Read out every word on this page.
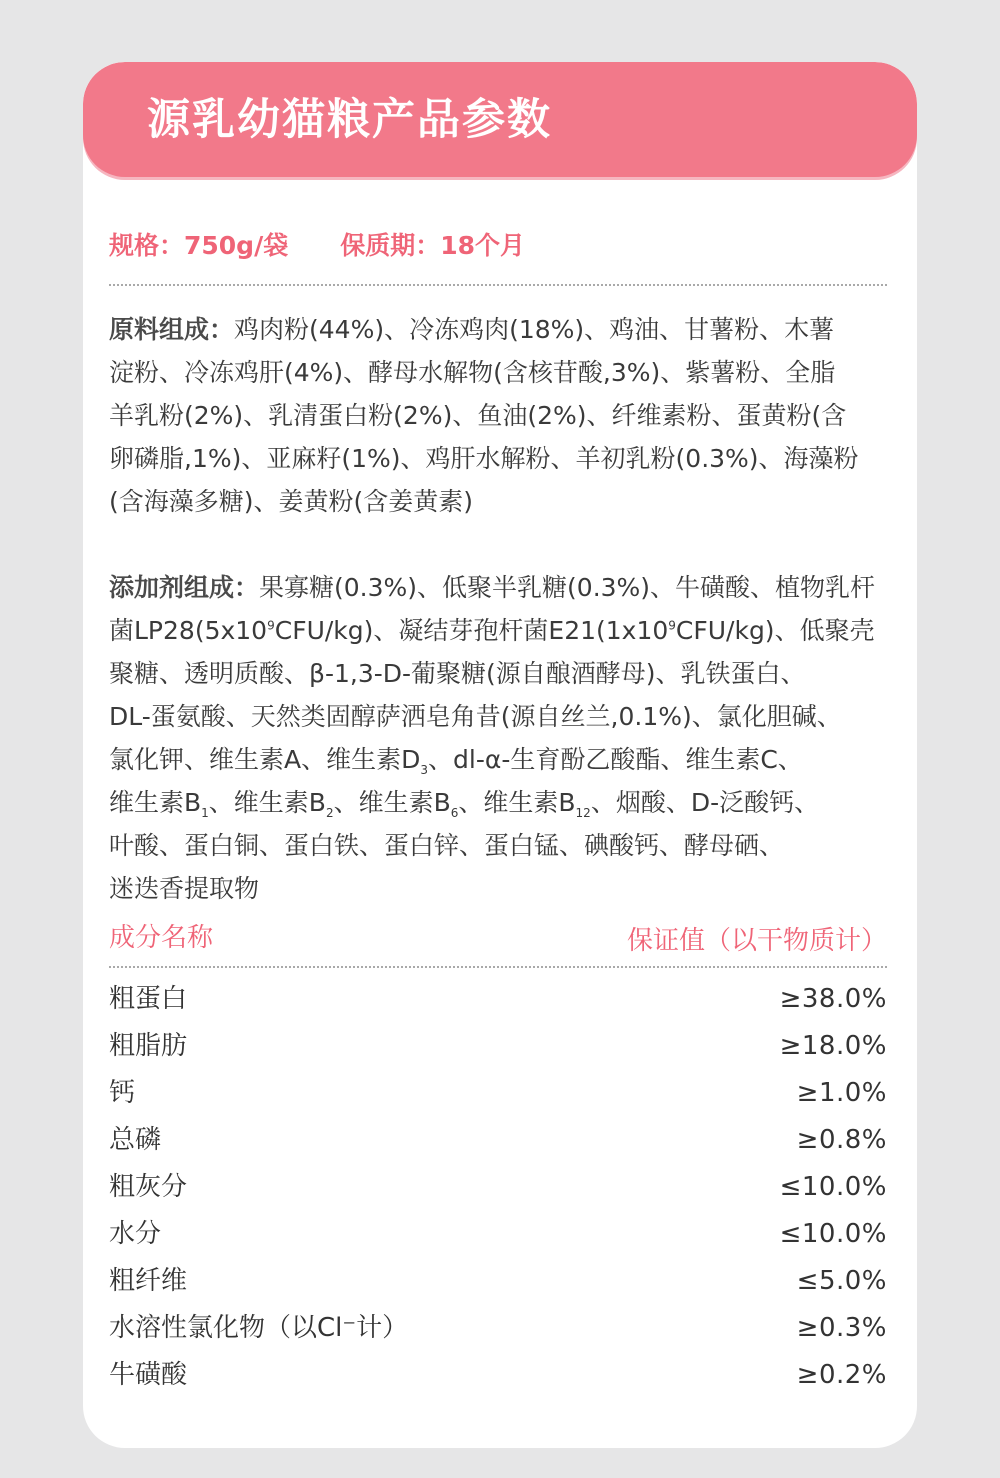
源乳幼猫粮产品参数
规格：750g/袋 保质期：18个月
原料组成：鸡肉粉(44%)、冷冻鸡肉(18%)、鸡油、甘薯粉、木薯
淀粉、冷冻鸡肝(4%)、酵母水解物(含核苷酸,3%)、紫薯粉、全脂
羊乳粉(2%)、乳清蛋白粉(2%)、鱼油(2%)、纤维素粉、蛋黄粉(含
卵磷脂,1%)、亚麻籽(1%)、鸡肝水解粉、羊初乳粉(0.3%)、海藻粉
(含海藻多糖)、姜黄粉(含姜黄素)
添加剂组成：果寡糖(0.3%)、低聚半乳糖(0.3%)、牛磺酸、植物乳杆
菌$LP28(5x10^9CFU/kg)$、凝结芽孢杆菌$E21(1x10^9CFU/kg)$、低聚壳
聚糖、透明质酸、β-1,3-D-葡聚糖(源自酿酒酵母)、乳铁蛋白、
DL-蛋氨酸、天然类固醇萨洒皂角昔(源自丝兰,0.1%)、氯化胆碱、
氯化钾、维生素A、维生素$D_3$、dl-α-生育酚乙酸酯、维生素C、
维生素$B_1$、维生素$B_2$、维生素$B_6$、维生素$B_{12}$、烟酸、D-泛酸钙、
叶酸、蛋白铜、蛋白铁、蛋白锌、蛋白锰、碘酸钙、酵母硒、
迷迭香提取物
成分名称	保证值（以干物质计）
粗蛋白	≥38.0%
粗脂肪	≥18.0%
钙	≥1.0%
总磷	≥0.8%
粗灰分	≤10.0%
水分	≤10.0%
粗纤维	≤5.0%
水溶性氯化物（以Cl⁻计）	≥0.3%
牛磺酸	≥0.2%
